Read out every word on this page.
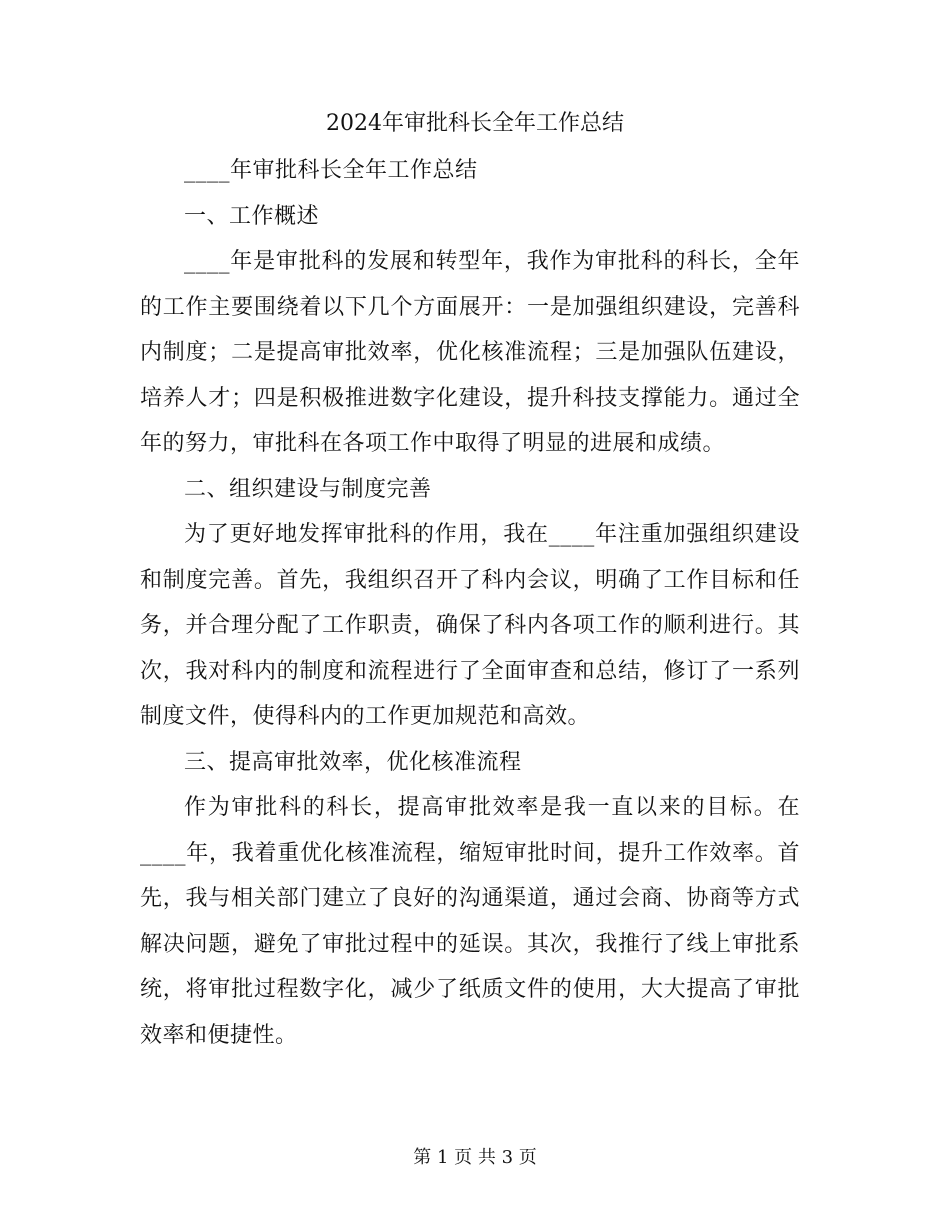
2024年审批科长全年工作总结

____年审批科长全年工作总结

一、工作概述

____年是审批科的发展和转型年，我作为审批科的科长，全年的工作主要围绕着以下几个方面展开：一是加强组织建设，完善科内制度；二是提高审批效率，优化核准流程；三是加强队伍建设，培养人才；四是积极推进数字化建设，提升科技支撑能力。通过全年的努力，审批科在各项工作中取得了明显的进展和成绩。

二、组织建设与制度完善

为了更好地发挥审批科的作用，我在____年注重加强组织建设和制度完善。首先，我组织召开了科内会议，明确了工作目标和任务，并合理分配了工作职责，确保了科内各项工作的顺利进行。其次，我对科内的制度和流程进行了全面审查和总结，修订了一系列制度文件，使得科内的工作更加规范和高效。

三、提高审批效率，优化核准流程

作为审批科的科长，提高审批效率是我一直以来的目标。在____年，我着重优化核准流程，缩短审批时间，提升工作效率。首先，我与相关部门建立了良好的沟通渠道，通过会商、协商等方式解决问题，避免了审批过程中的延误。其次，我推行了线上审批系统，将审批过程数字化，减少了纸质文件的使用，大大提高了审批效率和便捷性。

第 1 页 共 3 页
